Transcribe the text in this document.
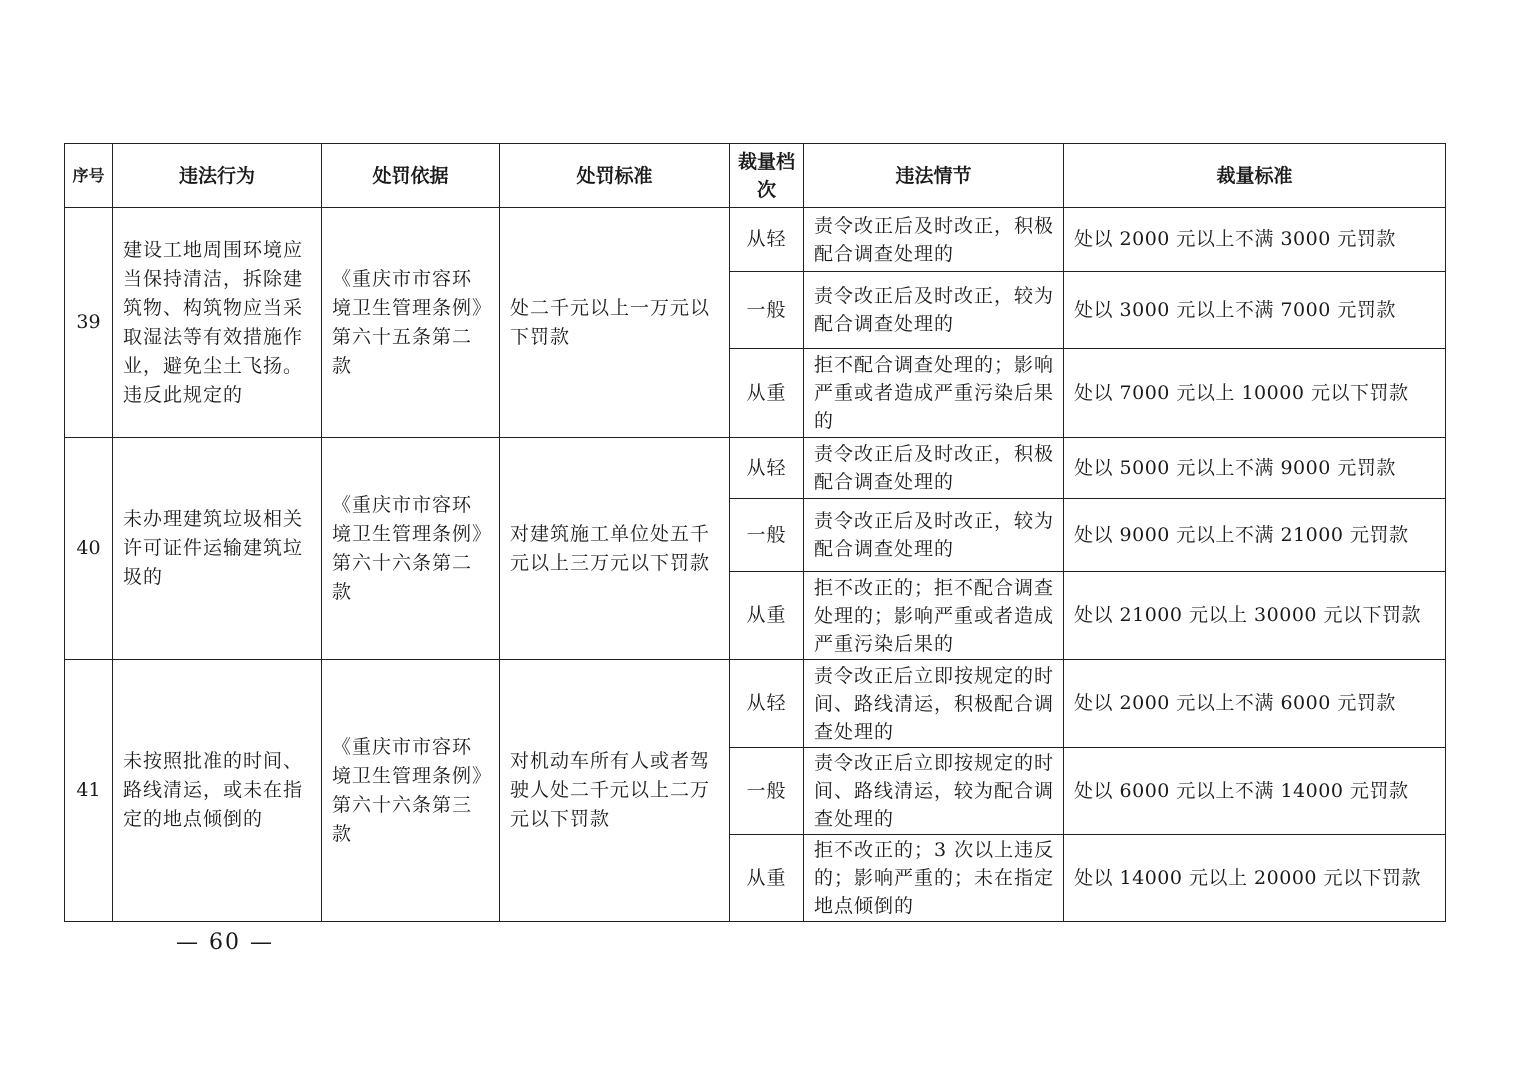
序号	违法行为	处罚依据	处罚标准	裁量档次	违法情节	裁量标准
39	建设工地周围环境应当保持清洁，拆除建筑物、构筑物应当采取湿法等有效措施作业，避免尘土飞扬。违反此规定的	《重庆市市容环境卫生管理条例》第六十五条第二款	处二千元以上一万元以下罚款	从轻	责令改正后及时改正，积极配合调查处理的	处以 2000 元以上不满 3000 元罚款
				一般	责令改正后及时改正，较为配合调查处理的	处以 3000 元以上不满 7000 元罚款
				从重	拒不配合调查处理的；影响严重或者造成严重污染后果的	处以 7000 元以上 10000 元以下罚款
40	未办理建筑垃圾相关许可证件运输建筑垃圾的	《重庆市市容环境卫生管理条例》第六十六条第二款	对建筑施工单位处五千元以上三万元以下罚款	从轻	责令改正后及时改正，积极配合调查处理的	处以 5000 元以上不满 9000 元罚款
				一般	责令改正后及时改正，较为配合调查处理的	处以 9000 元以上不满 21000 元罚款
				从重	拒不改正的；拒不配合调查处理的；影响严重或者造成严重污染后果的	处以 21000 元以上 30000 元以下罚款
41	未按照批准的时间、路线清运，或未在指定的地点倾倒的	《重庆市市容环境卫生管理条例》第六十六条第三款	对机动车所有人或者驾驶人处二千元以上二万元以下罚款	从轻	责令改正后立即按规定的时间、路线清运，积极配合调查处理的	处以 2000 元以上不满 6000 元罚款
				一般	责令改正后立即按规定的时间、路线清运，较为配合调查处理的	处以 6000 元以上不满 14000 元罚款
				从重	拒不改正的；3 次以上违反的；影响严重的；未在指定地点倾倒的	处以 14000 元以上 20000 元以下罚款
— 60 —
